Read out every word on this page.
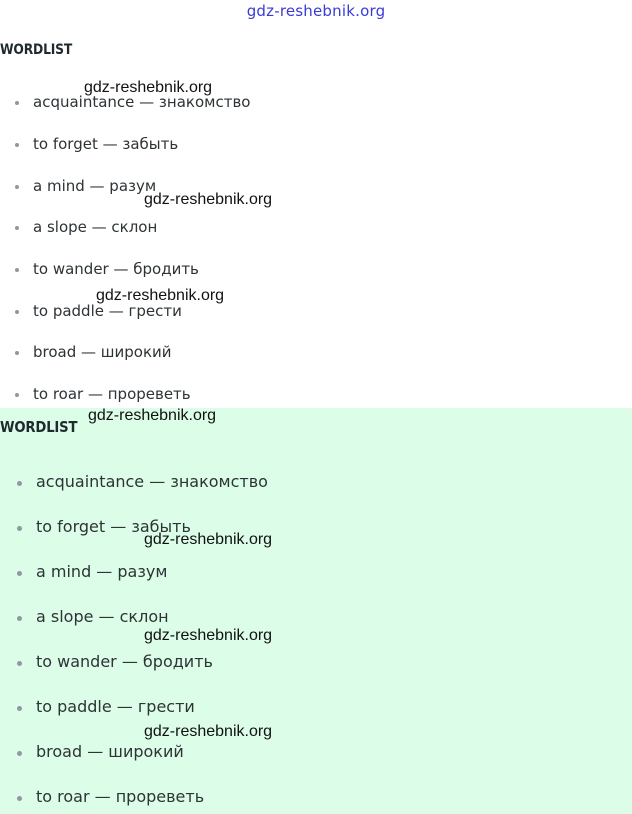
WORDLIST
acquaintance — знакомство
to forget — забыть
a mind — разум
a slope — склон
to wander — бродить
to paddle — грести
broad — широкий
to roar — прореветь
WORDLIST
acquaintance — знакомство
to forget — забыть
a mind — разум
a slope — склон
to wander — бродить
to paddle — грести
broad — широкий
to roar — прореветь
gdz-reshebnik.org
gdz-reshebnik.org
gdz-reshebnik.org
gdz-reshebnik.org
gdz-reshebnik.org
gdz-reshebnik.org
gdz-reshebnik.org
gdz-reshebnik.org
